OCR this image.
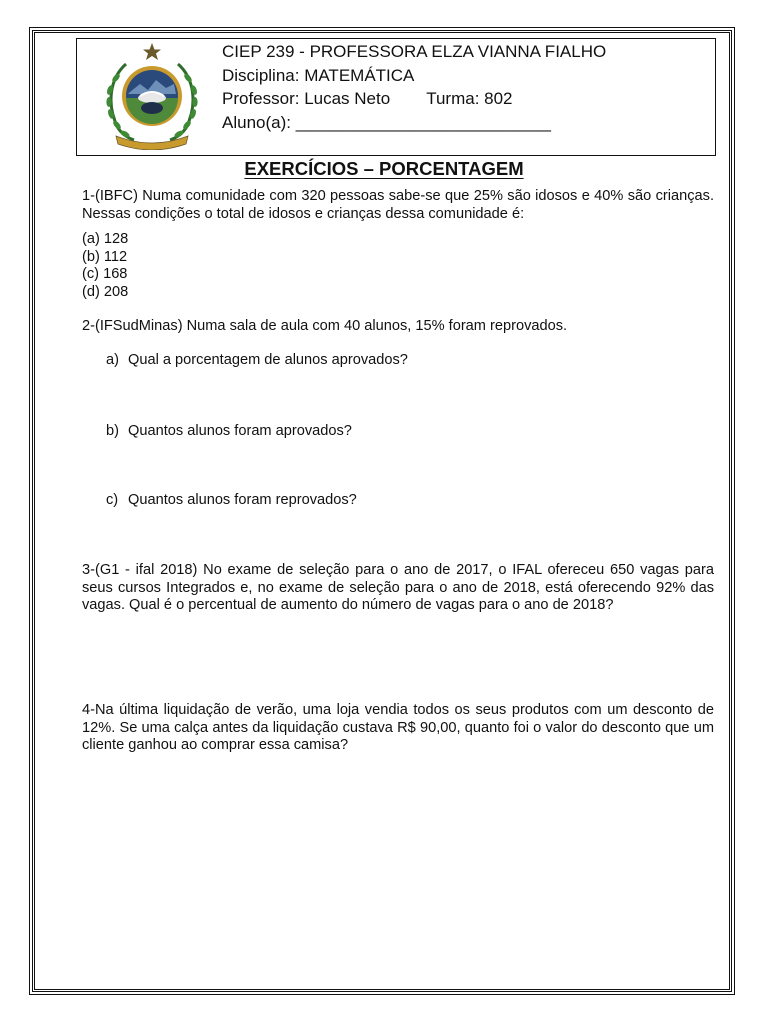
CIEP 239 - PROFESSORA ELZA VIANNA FIALHO
Disciplina: MATEMÁTICA
Professor: Lucas Neto Turma: 802
Aluno(a): ___________________________
EXERCÍCIOS – PORCENTAGEM
1-(IBFC) Numa comunidade com 320 pessoas sabe-se que 25% são idosos e 40% são crianças. Nessas condições o total de idosos e crianças dessa comunidade é:
(a) 128
(b) 112
(c) 168
(d) 208
2-(IFSudMinas) Numa sala de aula com 40 alunos, 15% foram reprovados.
a) Qual a porcentagem de alunos aprovados?
b) Quantos alunos foram aprovados?
c) Quantos alunos foram reprovados?
3-(G1 - ifal 2018) No exame de seleção para o ano de 2017, o IFAL ofereceu 650 vagas para seus cursos Integrados e, no exame de seleção para o ano de 2018, está oferecendo 92% das vagas. Qual é o percentual de aumento do número de vagas para o ano de 2018?
4-Na última liquidação de verão, uma loja vendia todos os seus produtos com um desconto de 12%. Se uma calça antes da liquidação custava R$ 90,00, quanto foi o valor do desconto que um cliente ganhou ao comprar essa camisa?
